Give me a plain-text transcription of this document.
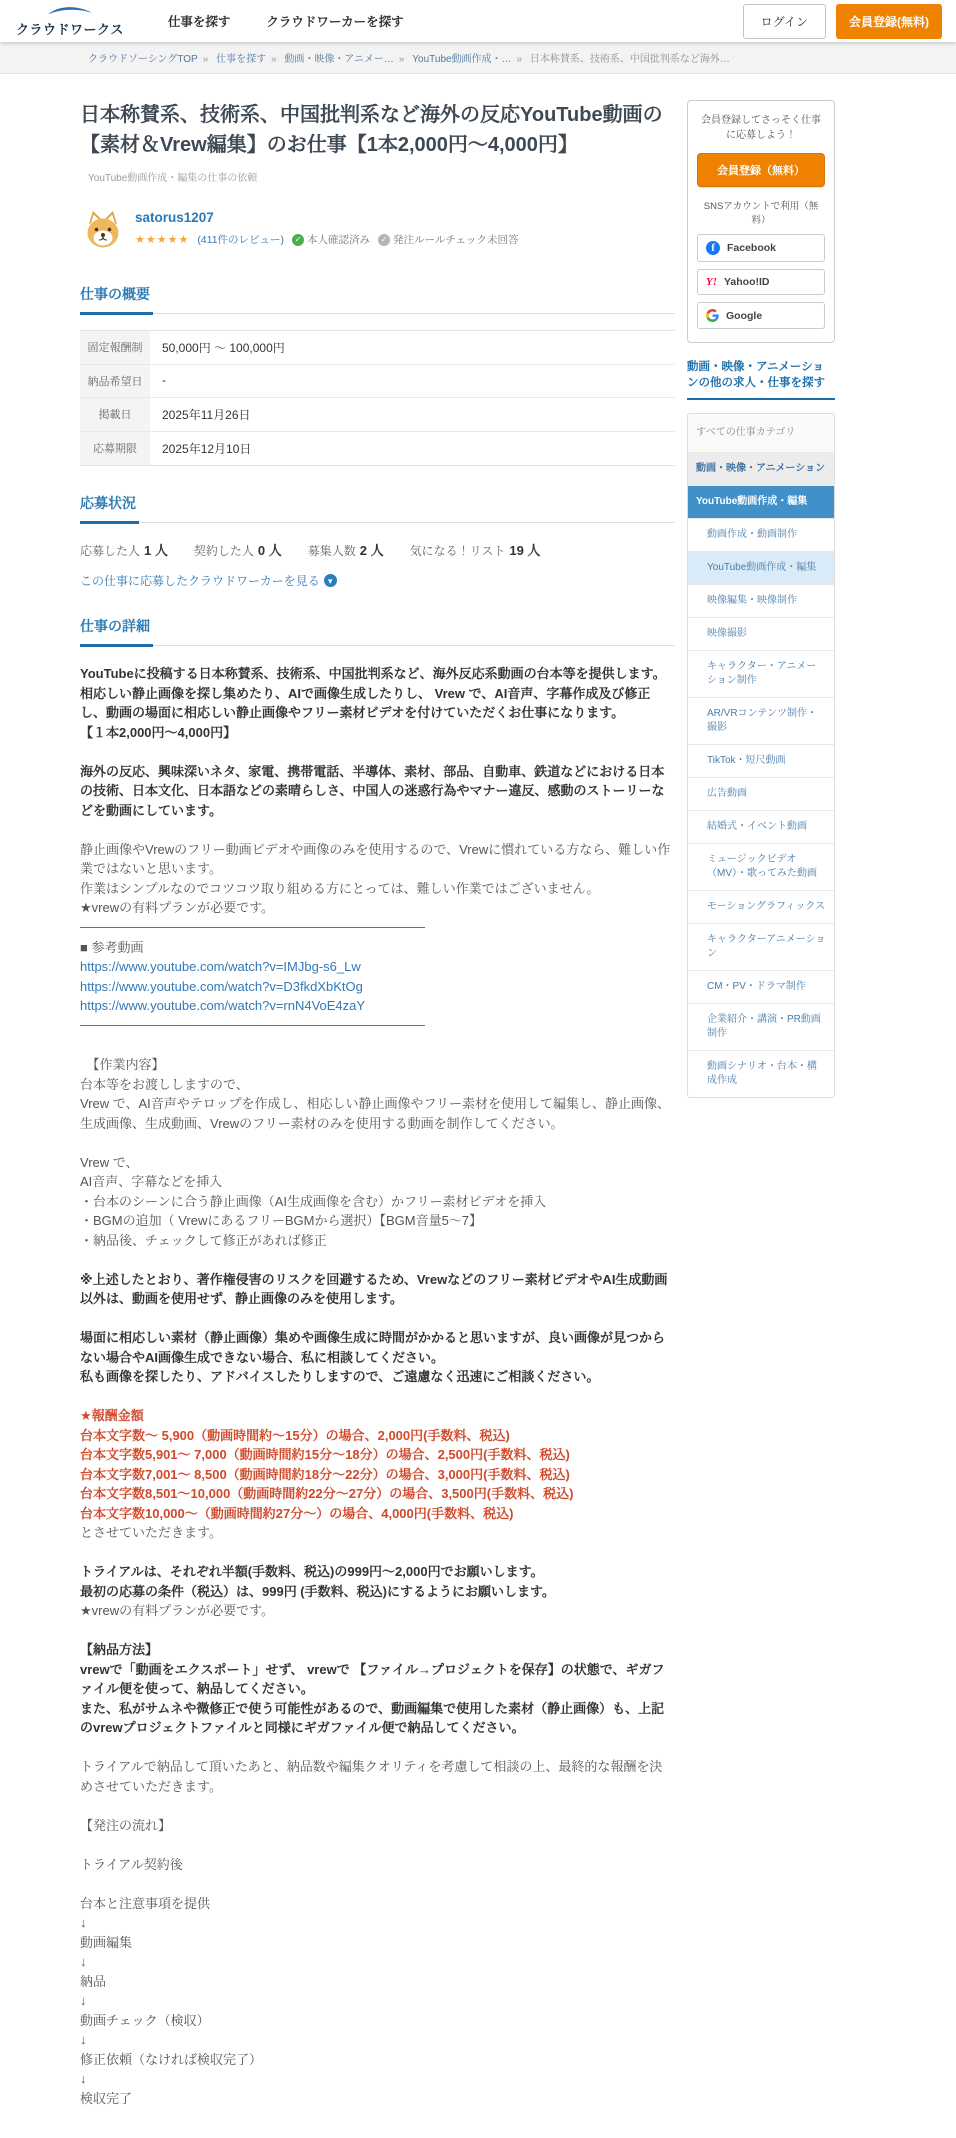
クラウドワークス	仕事を探す	クラウドワーカーを探す	ログイン	会員登録(無料)
クラウドソーシングTOP » 仕事を探す » 動画・映像・アニメー… » YouTube動画作成・… » 日本称賛系、技術系、中国批判系など海外…
日本称賛系、技術系、中国批判系など海外の反応YouTube動画の【素材＆Vrew編集】のお仕事【1本2,000円〜4,000円】YouTube動画作成・編集の仕事の依頼
satorus1207
★★★★★ (411件のレビュー)	✓ 本人確認済み	✓ 発注ルールチェック未回答
仕事の概要
固定報酬制	50,000円 〜 100,000円
納品希望日	-
掲載日	2025年11月26日
応募期限	2025年12月10日
応募状況
応募した人 1 人 契約した人 0 人 募集人数 2 人 気になる！リスト 19 人
この仕事に応募したクラウドワーカーを見る ▾
仕事の詳細
YouTubeに投稿する日本称賛系、技術系、中国批判系など、海外反応系動画の台本等を提供します。
相応しい静止画像を探し集めたり、AIで画像生成したりし、 Vrew で、AI音声、字幕作成及び修正し、動画の場面に相応しい静止画像やフリー素材ビデオを付けていただくお仕事になります。
【１本2,000円〜4,000円】
海外の反応、興味深いネタ、家電、携帯電話、半導体、素材、部品、自動車、鉄道などにおける日本の技術、日本文化、日本語などの素晴らしさ、中国人の迷惑行為やマナー違反、感動のストーリーなどを動画にしています。
静止画像やVrewのフリー動画ビデオや画像のみを使用するので、Vrewに慣れている方なら、難しい作業ではないと思います。
作業はシンプルなのでコツコツ取り組める方にとっては、難しい作業ではございません。
★vrewの有料プランが必要です。
■ 参考動画
https://www.youtube.com/watch?v=IMJbg-s6_Lw
https://www.youtube.com/watch?v=D3fkdXbKtOg
https://www.youtube.com/watch?v=rnN4VoE4zaY
　【作業内容】
台本等をお渡ししますので、
Vrew で、AI音声やテロップを作成し、相応しい静止画像やフリー素材を使用して編集し、静止画像、生成画像、生成動画、Vrewのフリー素材のみを使用する動画を制作してください。
Vrew で、
AI音声、字幕などを挿入
・台本のシーンに合う静止画像（AI生成画像を含む）かフリー素材ビデオを挿入
・BGMの追加（ VrewにあるフリーBGMから選択）【BGM音量5〜7】
・納品後、チェックして修正があれば修正
※上述したとおり、著作権侵害のリスクを回避するため、Vrewなどのフリー素材ビデオやAI生成動画以外は、動画を使用せず、静止画像のみを使用します。
場面に相応しい素材（静止画像）集めや画像生成に時間がかかると思いますが、良い画像が見つからない場合やAI画像生成できない場合、私に相談してください。
私も画像を探したり、アドバイスしたりしますので、ご遠慮なく迅速にご相談ください。
★報酬金額
台本文字数〜 5,900（動画時間約〜15分）の場合、2,000円(手数料、税込)
台本文字数5,901〜 7,000（動画時間約15分〜18分）の場合、2,500円(手数料、税込)
台本文字数7,001〜 8,500（動画時間約18分〜22分）の場合、3,000円(手数料、税込)
台本文字数8,501〜10,000（動画時間約22分〜27分）の場合、3,500円(手数料、税込)
台本文字数10,000〜（動画時間約27分〜）の場合、4,000円(手数料、税込)
とさせていただきます。
トライアルは、それぞれ半額(手数料、税込)の999円〜2,000円でお願いします。
最初の応募の条件（税込）は、999円 (手数料、税込)にするようにお願いします。
★vrewの有料プランが必要です。
【納品方法】
vrewで「動画をエクスポート」せず、 vrewで 【ファイル→プロジェクトを保存】の状態で、ギガファイル便を使って、納品してください。
また、私がサムネや微修正で使う可能性があるので、動画編集で使用した素材（静止画像）も、上記のvrewプロジェクトファイルと同様にギガファイル便で納品してください。
トライアルで納品して頂いたあと、納品数や編集クオリティを考慮して相談の上、最終的な報酬を決めさせていただきます。
【発注の流れ】
トライアル契約後
台本と注意事項を提供
↓
動画編集
↓
納品
↓
動画チェック（検収）
↓
修正依頼（なければ検収完了）
↓
検収完了
会員登録してさっそく仕事に応募しよう！
会員登録（無料）
SNSアカウントで利用（無料）
f	Facebook
Y! Yahoo!ID
Google
動画・映像・アニメーションの他の求人・仕事を探す
すべての仕事カテゴリ
動画・映像・アニメーション
YouTube動画作成・編集
動画作成・動画制作
YouTube動画作成・編集
映像編集・映像制作
映像撮影
キャラクター・アニメーション制作
AR/VRコンテンツ制作・撮影
TikTok・短尺動画
広告動画
結婚式・イベント動画
ミュージックビデオ（MV）・歌ってみた動画
モーショングラフィックス
キャラクターアニメーション
CM・PV・ドラマ制作
企業紹介・講演・PR動画制作
動画シナリオ・台本・構成作成
